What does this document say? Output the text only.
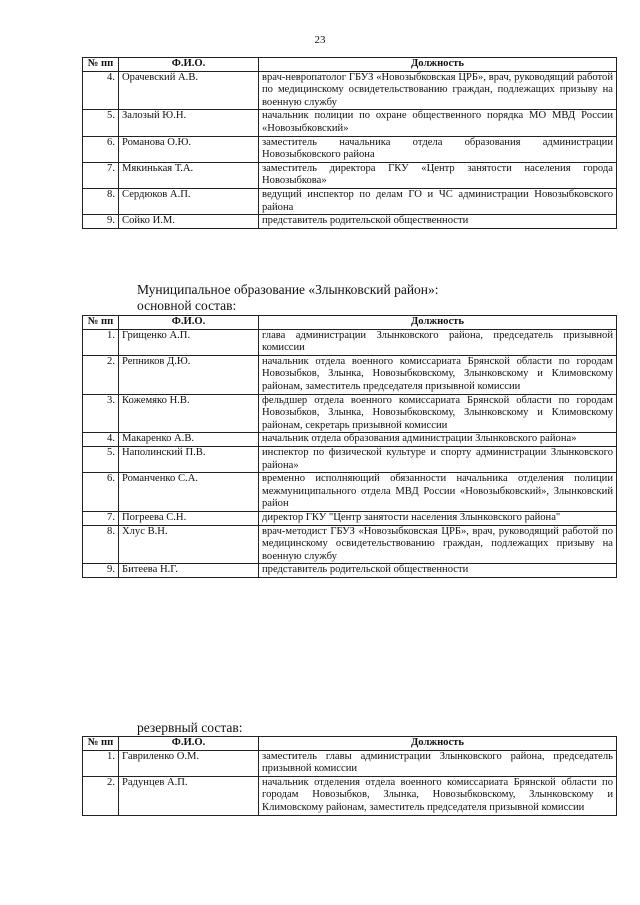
23
№ пп	Ф.И.О.	Должность
4.	Орачевский А.В.	врач-невропатолог ГБУЗ «Новозыбковская ЦРБ», врач, руководящий работой по медицинскому освидетельствованию граждан, подлежащих призыву на военную службу
5.	Залозый Ю.Н.	начальник полиции по охране общественного порядка МО МВД России «Новозыбковский»
6.	Романова О.Ю.	заместитель начальника отдела образования администрации Новозыбковского района
7.	Мякинькая Т.А.	заместитель директора ГКУ «Центр занятости населения города Новозыбкова»
8.	Сердюков А.П.	ведущий инспектор по делам ГО и ЧС администрации Новозыбковского района
9.	Сойко И.М.	представитель родительской общественности
Муниципальное образование «Злынковский район»:
основной состав:
№ пп	Ф.И.О.	Должность
1.	Грищенко А.П.	глава администрации Злынковского района, председатель призывной комиссии
2.	Репников Д.Ю.	начальник отдела военного комиссариата Брянской области по городам Новозыбков, Злынка, Новозыбковскому, Злынковскому и Климовскому районам, заместитель председателя призывной комиссии
3.	Кожемяко Н.В.	фельдшер отдела военного комиссариата Брянской области по городам Новозыбков, Злынка, Новозыбковскому, Злынковскому и Климовскому районам, секретарь призывной комиссии
4.	Макаренко А.В.	начальник отдела образования администрации Злынковского района»
5.	Наполинский П.В.	инспектор по физической культуре и спорту администрации Злынковского района»
6.	Романченко С.А.	временно исполняющий обязанности начальника отделения полиции межмуниципального отдела МВД России «Новозыбковский», Злынковский район
7.	Погреева С.Н.	директор ГКУ "Центр занятости населения Злынковского района"
8.	Хлус В.Н.	врач-методист ГБУЗ «Новозыбковская ЦРБ», врач, руководящий работой по медицинскому освидетельствованию граждан, подлежащих призыву на военную службу
9.	Битеева Н.Г.	представитель родительской общественности
резервный состав:
№ пп	Ф.И.О.	Должность
1.	Гавриленко О.М.	заместитель главы администрации Злынковского района, председатель призывной комиссии
2.	Радунцев А.П.	начальник отделения отдела военного комиссариата Брянской области по городам Новозыбков, Злынка, Новозыбковскому, Злынковскому и Климовскому районам, заместитель председателя призывной комиссии
